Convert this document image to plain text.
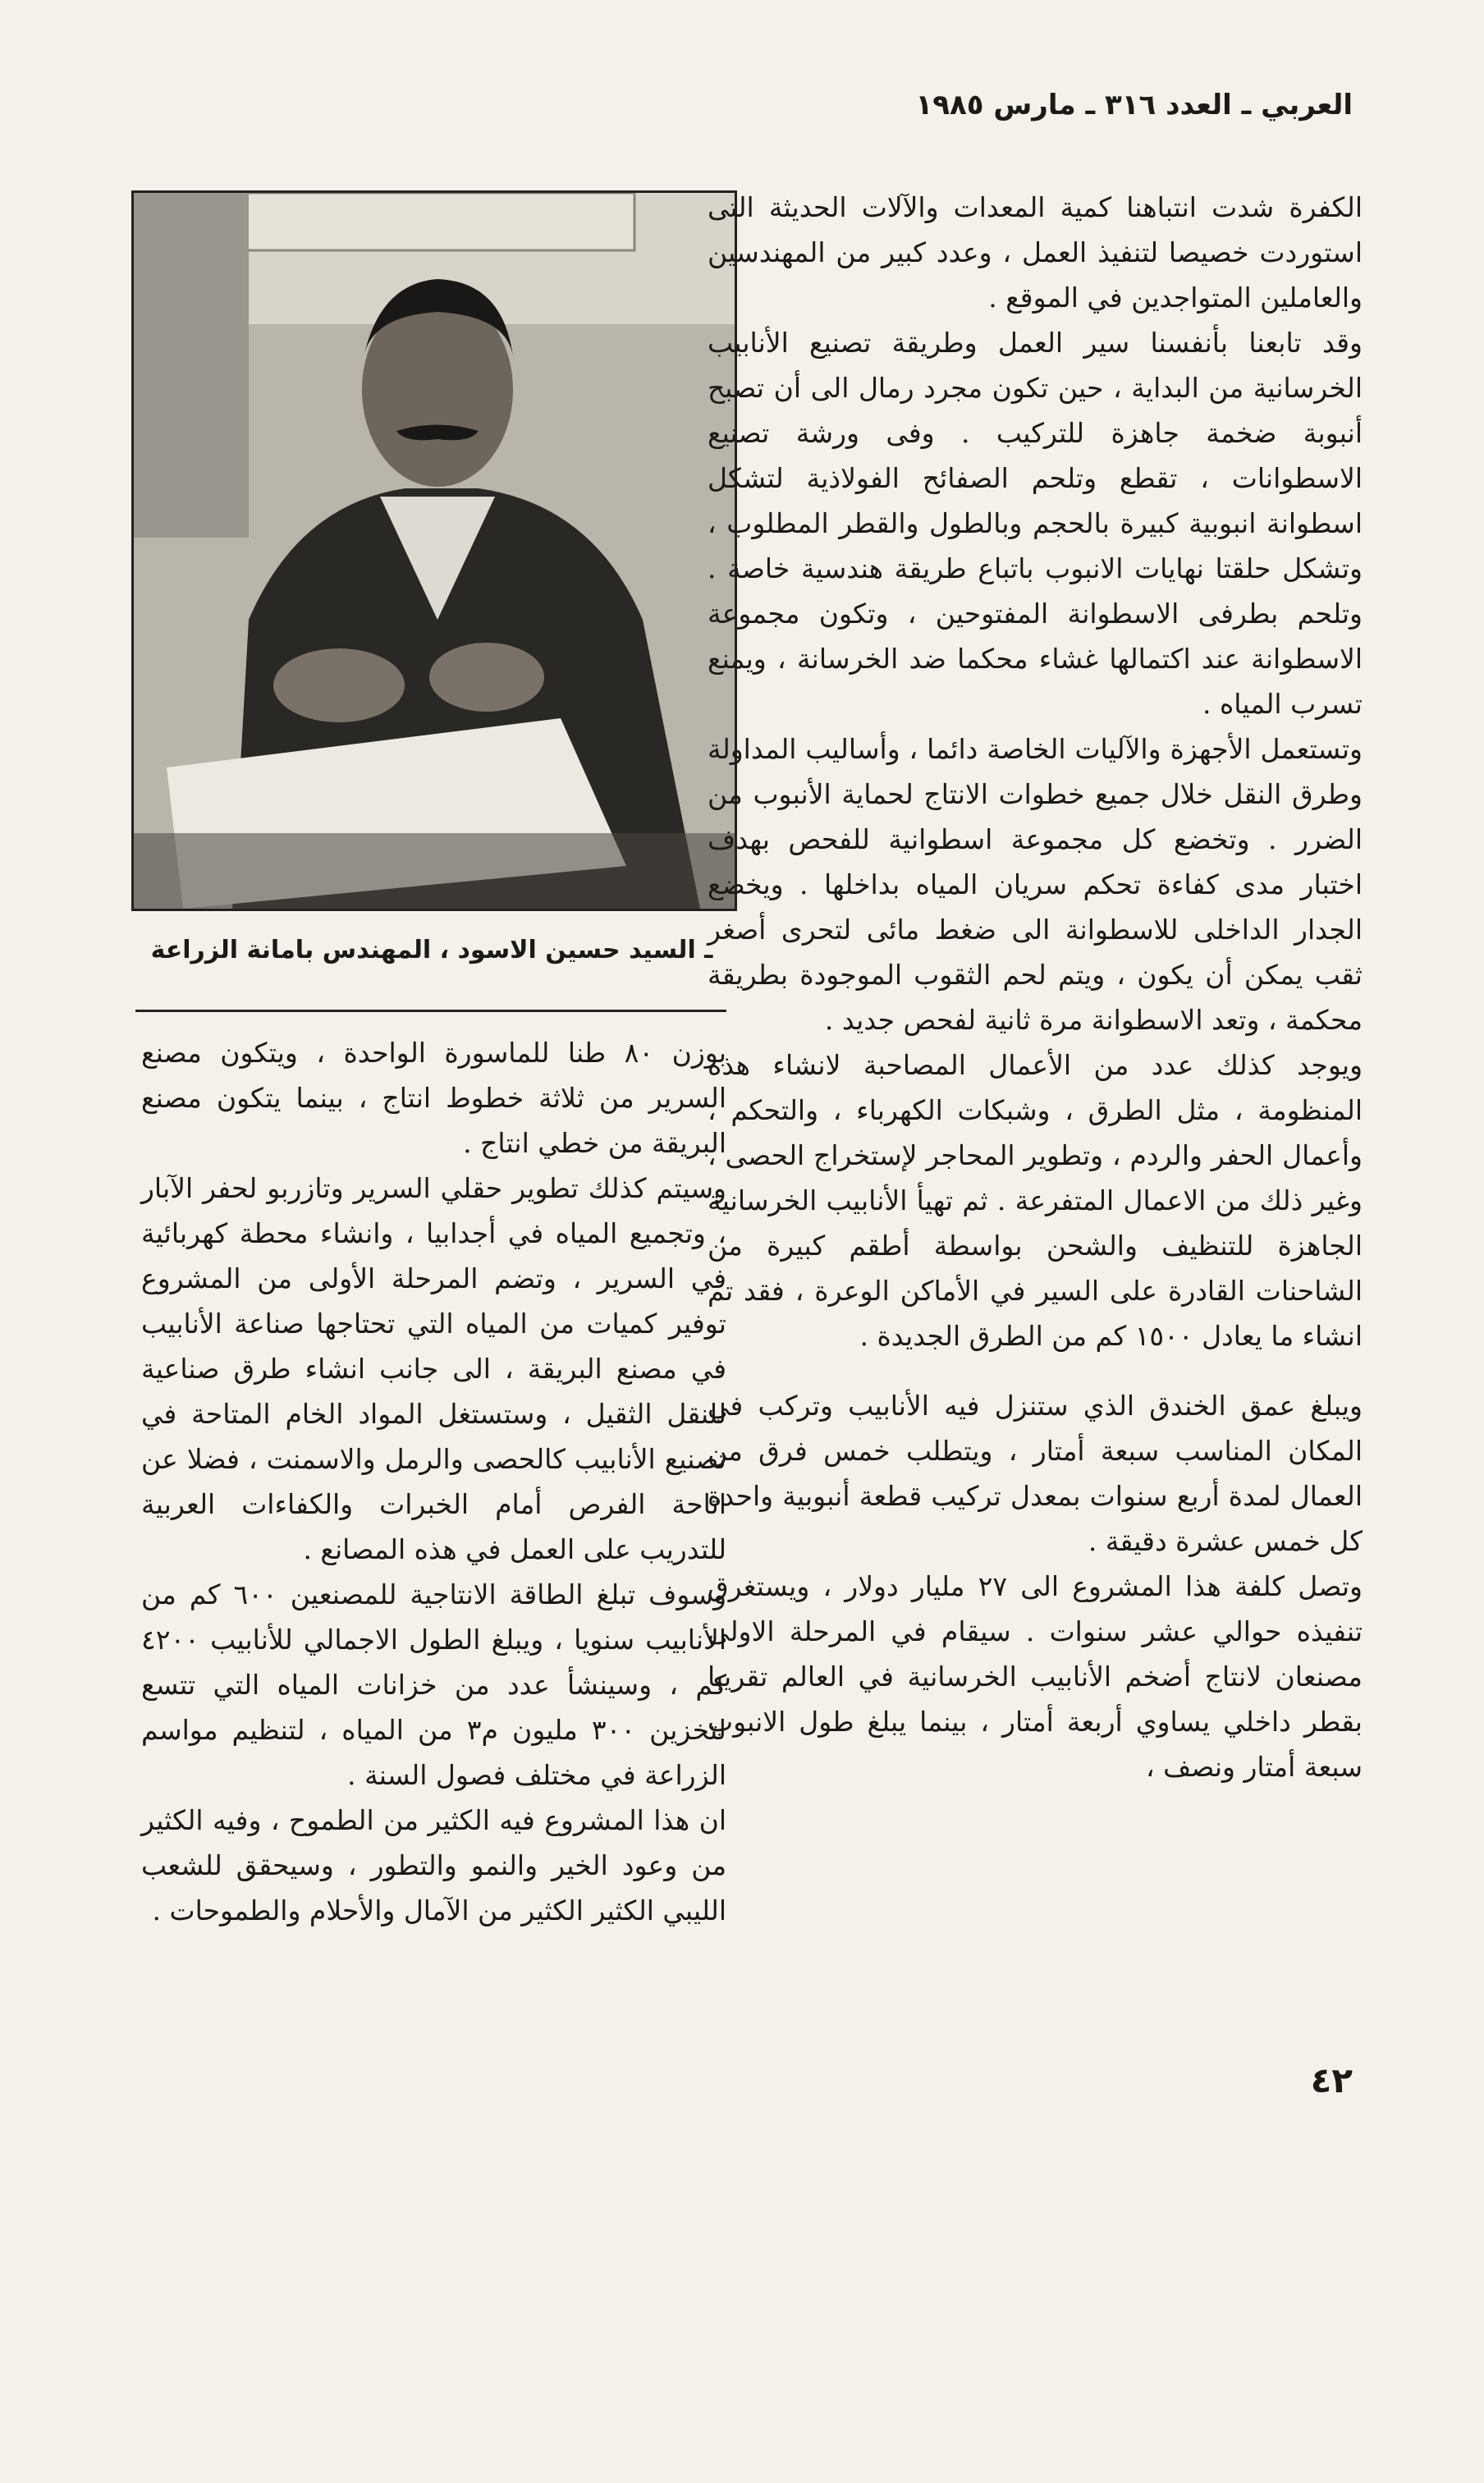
العربي ـ العدد ٣١٦ ـ مارس ١٩٨٥
ـ السيد حسين الاسود ، المهندس بامانة الزراعة

الكفرة شدت انتباهنا كمية المعدات والآلات الحديثة التى استوردت خصيصا لتنفيذ العمل ، وعدد كبير من المهندسين والعاملين المتواجدين في الموقع .

وقد تابعنا بأنفسنا سير العمل وطريقة تصنيع الأنابيب الخرسانية من البداية ، حين تكون مجرد رمال الى أن تصبح أنبوبة ضخمة جاهزة للتركيب . وفى ورشة تصنيع الاسطوانات ، تقطع وتلحم الصفائح الفولاذية لتشكل اسطوانة انبوبية كبيرة بالحجم وبالطول والقطر المطلوب ، وتشكل حلقتا نهايات الانبوب باتباع طريقة هندسية خاصة . وتلحم بطرفى الاسطوانة المفتوحين ، وتكون مجموعة الاسطوانة عند اكتمالها غشاء محكما ضد الخرسانة ، ويمنع تسرب المياه .

وتستعمل الأجهزة والآليات الخاصة دائما ، وأساليب المداولة وطرق النقل خلال جميع خطوات الانتاج لحماية الأنبوب من الضرر . وتخضع كل مجموعة اسطوانية للفحص بهدف اختبار مدى كفاءة تحكم سريان المياه بداخلها . ويخضع الجدار الداخلى للاسطوانة الى ضغط مائى لتحرى أصغر ثقب يمكن أن يكون ، ويتم لحم الثقوب الموجودة بطريقة محكمة ، وتعد الاسطوانة مرة ثانية لفحص جديد .

ويوجد كذلك عدد من الأعمال المصاحبة لانشاء هذه المنظومة ، مثل الطرق ، وشبكات الكهرباء ، والتحكم ، وأعمال الحفر والردم ، وتطوير المحاجر لإستخراج الحصى ، وغير ذلك من الاعمال المتفرعة . ثم تهيأ الأنابيب الخرسانية الجاهزة للتنظيف والشحن بواسطة أطقم كبيرة من الشاحنات القادرة على السير في الأماكن الوعرة ، فقد تم انشاء ما يعادل ١٥٠٠ كم من الطرق الجديدة .

ويبلغ عمق الخندق الذي ستنزل فيه الأنابيب وتركب في المكان المناسب سبعة أمتار ، ويتطلب خمس فرق من العمال لمدة أربع سنوات بمعدل تركيب قطعة أنبوبية واحدة كل خمس عشرة دقيقة .

وتصل كلفة هذا المشروع الى ٢٧ مليار دولار ، ويستغرق تنفيذه حوالي عشر سنوات . سيقام في المرحلة الاولى مصنعان لانتاج أضخم الأنابيب الخرسانية في العالم تقريبا بقطر داخلي يساوي أربعة أمتار ، بينما يبلغ طول الانبوب سبعة أمتار ونصف ،

بوزن ٨٠ طنا للماسورة الواحدة ، ويتكون مصنع السرير من ثلاثة خطوط انتاج ، بينما يتكون مصنع البريقة من خطي انتاج .

وسيتم كذلك تطوير حقلي السرير وتازربو لحفر الآبار ، وتجميع المياه في أجدابيا ، وانشاء محطة كهربائية في السرير ، وتضم المرحلة الأولى من المشروع توفير كميات من المياه التي تحتاجها صناعة الأنابيب في مصنع البريقة ، الى جانب انشاء طرق صناعية للنقل الثقيل ، وستستغل المواد الخام المتاحة في تصنيع الأنابيب كالحصى والرمل والاسمنت ، فضلا عن اتاحة الفرص أمام الخبرات والكفاءات العربية للتدريب على العمل في هذه المصانع .

وسوف تبلغ الطاقة الانتاجية للمصنعين ٦٠٠ كم من الأنابيب سنويا ، ويبلغ الطول الاجمالي للأنابيب ٤٢٠٠ كم ، وسينشأ عدد من خزانات المياه التي تتسع لتخزين ٣٠٠ مليون م٣ من المياه ، لتنظيم مواسم الزراعة في مختلف فصول السنة .

ان هذا المشروع فيه الكثير من الطموح ، وفيه الكثير من وعود الخير والنمو والتطور ، وسيحقق للشعب الليبي الكثير الكثير من الآمال والأحلام والطموحات .

٤٢
